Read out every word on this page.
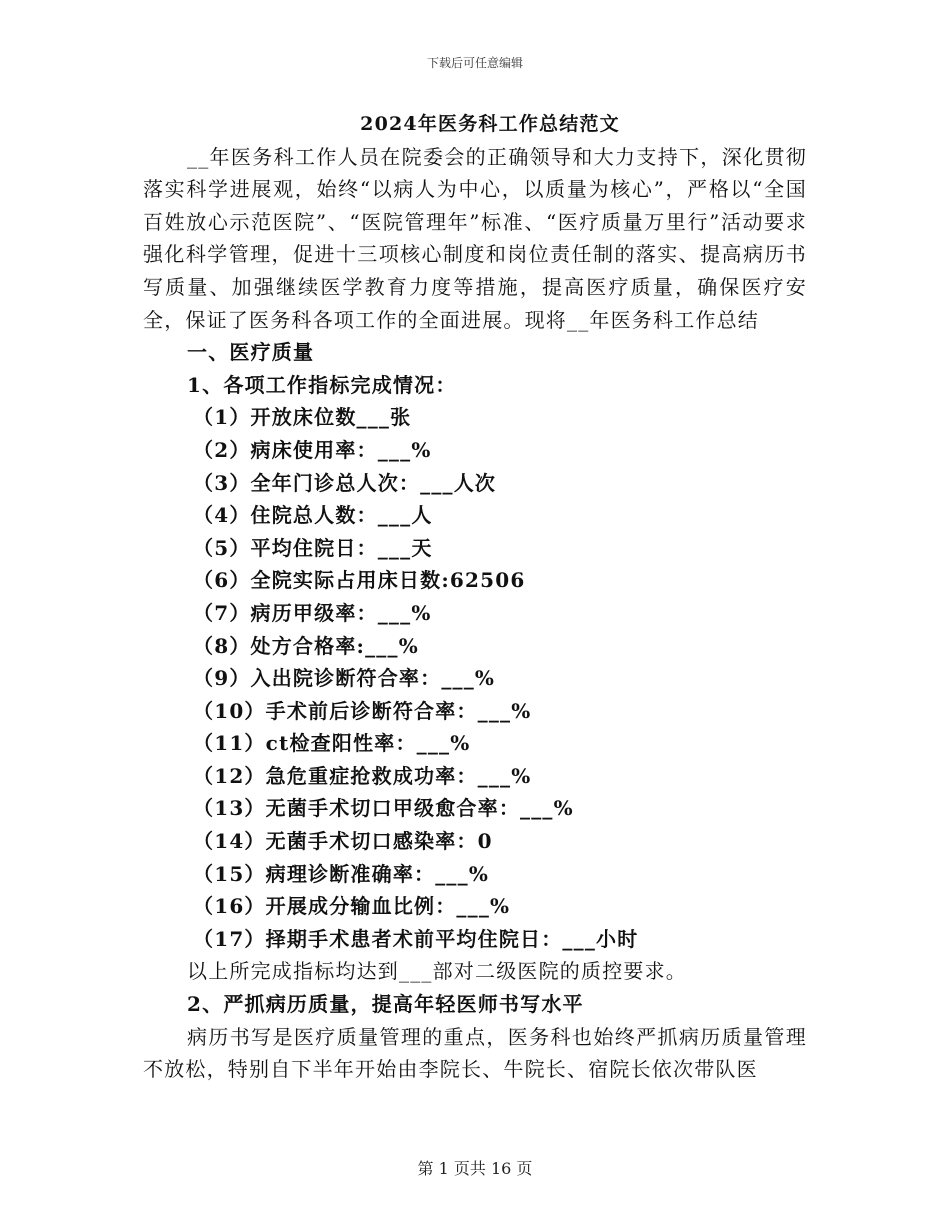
下载后可任意编辑

2024年医务科工作总结范文

__年医务科工作人员在院委会的正确领导和大力支持下，深化贯彻落实科学进展观，始终“以病人为中心，以质量为核心”，严格以“全国百姓放心示范医院”、“医院管理年”标准、“医疗质量万里行”活动要求强化科学管理，促进十三项核心制度和岗位责任制的落实、提高病历书写质量、加强继续医学教育力度等措施，提高医疗质量，确保医疗安全，保证了医务科各项工作的全面进展。现将__年医务科工作总结

一、医疗质量

1、各项工作指标完成情况：

（1）开放床位数___张

（2）病床使用率：___%

（3）全年门诊总人次：___人次

（4）住院总人数：___人

（5）平均住院日：___天

（6）全院实际占用床日数:62506

（7）病历甲级率：___%

（8）处方合格率:___%

（9）入出院诊断符合率：___%

（10）手术前后诊断符合率：___%

（11）ct检查阳性率：___%

（12）急危重症抢救成功率：___%

（13）无菌手术切口甲级愈合率：___%

（14）无菌手术切口感染率：0

（15）病理诊断准确率：___%

（16）开展成分输血比例：___%

（17）择期手术患者术前平均住院日：___小时

以上所完成指标均达到___部对二级医院的质控要求。

2、严抓病历质量，提高年轻医师书写水平

病历书写是医疗质量管理的重点，医务科也始终严抓病历质量管理不放松，特别自下半年开始由李院长、牛院长、宿院长依次带队医

第 1 页共 16 页
